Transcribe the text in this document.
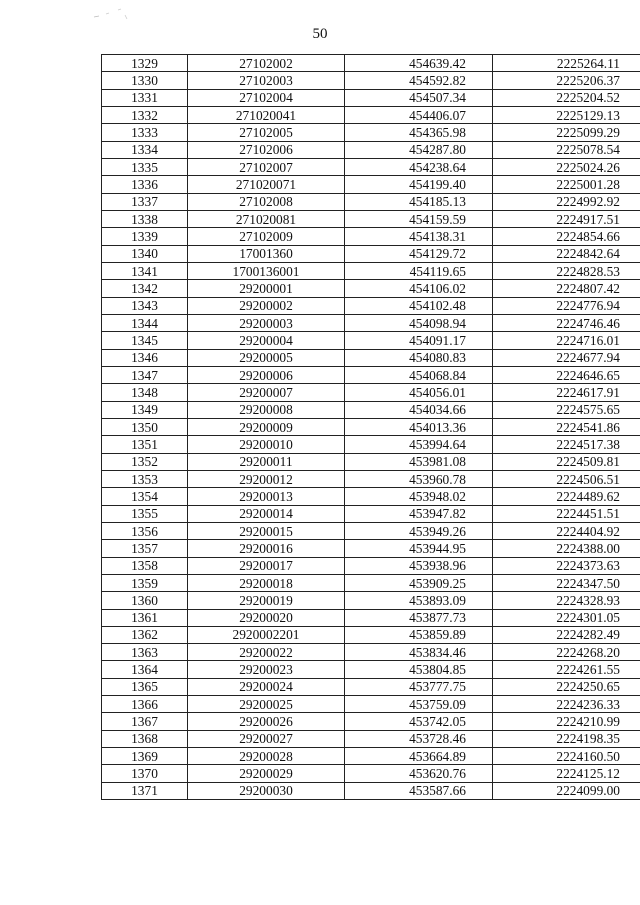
50
1329	27102002	454639.42	2225264.11
1330	27102003	454592.82	2225206.37
1331	27102004	454507.34	2225204.52
1332	271020041	454406.07	2225129.13
1333	27102005	454365.98	2225099.29
1334	27102006	454287.80	2225078.54
1335	27102007	454238.64	2225024.26
1336	271020071	454199.40	2225001.28
1337	27102008	454185.13	2224992.92
1338	271020081	454159.59	2224917.51
1339	27102009	454138.31	2224854.66
1340	17001360	454129.72	2224842.64
1341	1700136001	454119.65	2224828.53
1342	29200001	454106.02	2224807.42
1343	29200002	454102.48	2224776.94
1344	29200003	454098.94	2224746.46
1345	29200004	454091.17	2224716.01
1346	29200005	454080.83	2224677.94
1347	29200006	454068.84	2224646.65
1348	29200007	454056.01	2224617.91
1349	29200008	454034.66	2224575.65
1350	29200009	454013.36	2224541.86
1351	29200010	453994.64	2224517.38
1352	29200011	453981.08	2224509.81
1353	29200012	453960.78	2224506.51
1354	29200013	453948.02	2224489.62
1355	29200014	453947.82	2224451.51
1356	29200015	453949.26	2224404.92
1357	29200016	453944.95	2224388.00
1358	29200017	453938.96	2224373.63
1359	29200018	453909.25	2224347.50
1360	29200019	453893.09	2224328.93
1361	29200020	453877.73	2224301.05
1362	2920002201	453859.89	2224282.49
1363	29200022	453834.46	2224268.20
1364	29200023	453804.85	2224261.55
1365	29200024	453777.75	2224250.65
1366	29200025	453759.09	2224236.33
1367	29200026	453742.05	2224210.99
1368	29200027	453728.46	2224198.35
1369	29200028	453664.89	2224160.50
1370	29200029	453620.76	2224125.12
1371	29200030	453587.66	2224099.00
